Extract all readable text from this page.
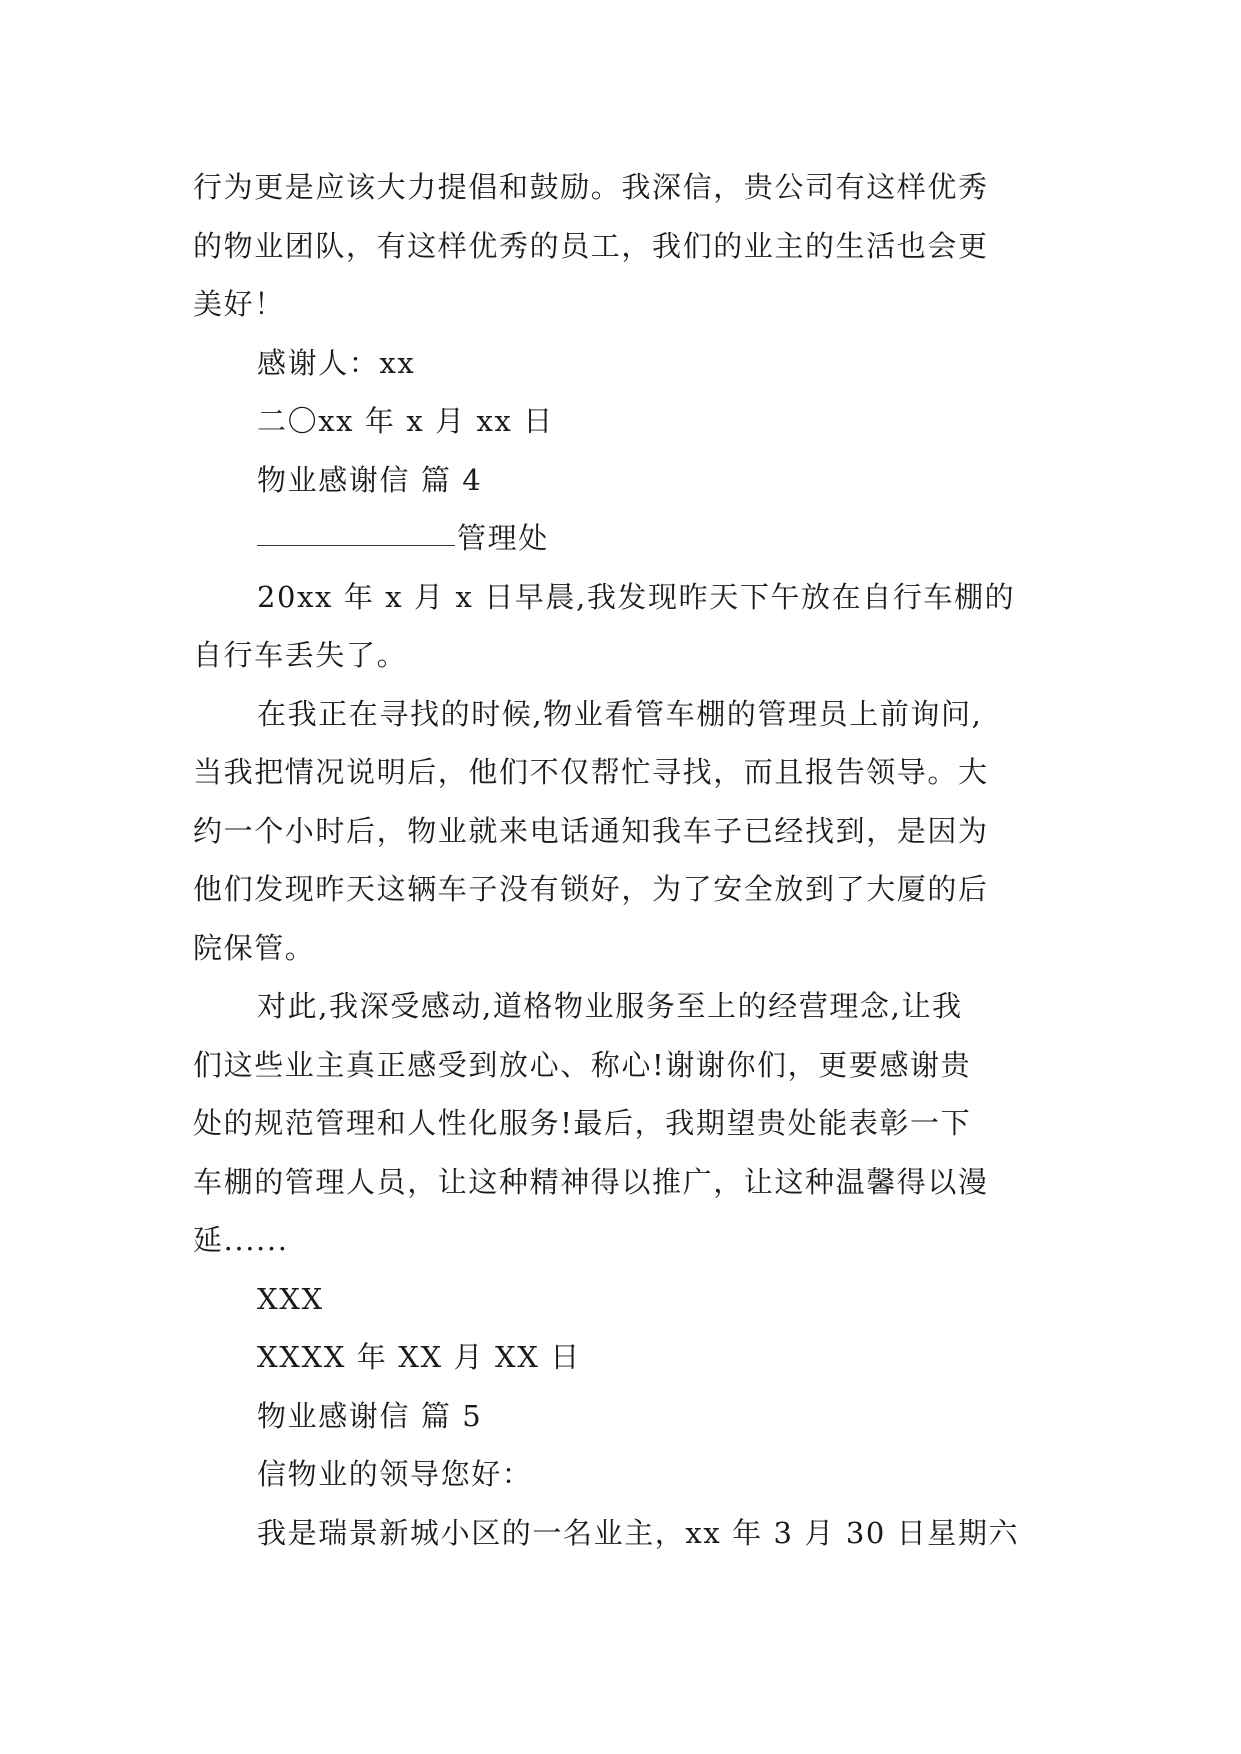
行为更是应该大力提倡和鼓励。我深信，贵公司有这样优秀
的物业团队，有这样优秀的员工，我们的业主的生活也会更
美好！
感谢人：xx
二〇xx 年 x 月 xx 日
物业感谢信 篇 4
管理处
20xx 年 x 月 x 日早晨,我发现昨天下午放在自行车棚的
自行车丢失了。
在我正在寻找的时候,物业看管车棚的管理员上前询问,
当我把情况说明后，他们不仅帮忙寻找，而且报告领导。大
约一个小时后，物业就来电话通知我车子已经找到，是因为
他们发现昨天这辆车子没有锁好，为了安全放到了大厦的后
院保管。
对此,我深受感动,道格物业服务至上的经营理念,让我
们这些业主真正感受到放心、称心!谢谢你们，更要感谢贵
处的规范管理和人性化服务!最后，我期望贵处能表彰一下
车棚的管理人员，让这种精神得以推广，让这种温馨得以漫
延......
XXX
XXXX 年 XX 月 XX 日
物业感谢信 篇 5
信物业的领导您好：
我是瑞景新城小区的一名业主，xx 年 3 月 30 日星期六
